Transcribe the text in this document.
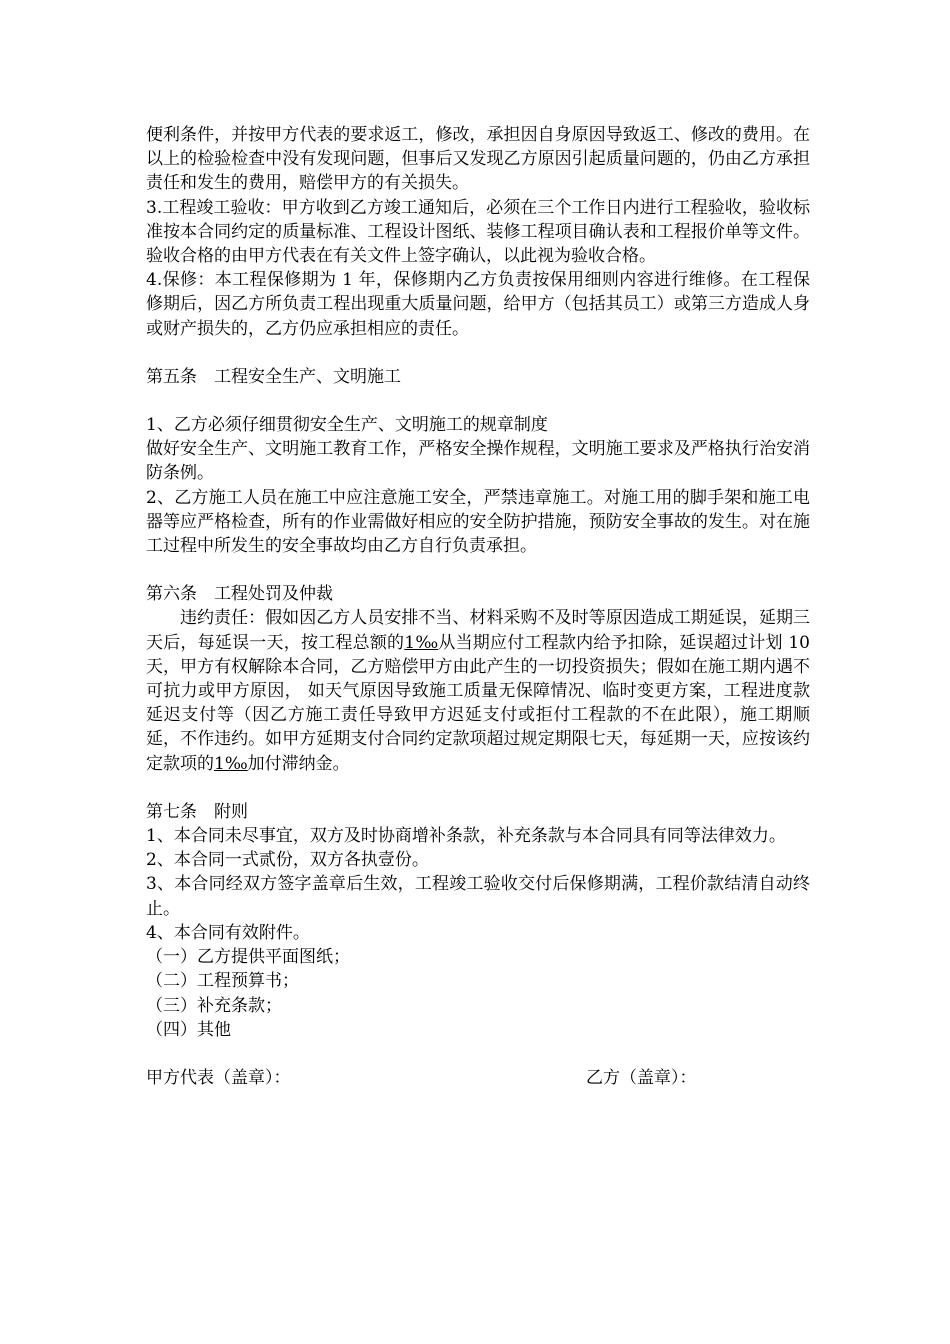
便利条件，并按甲方代表的要求返工，修改，承担因自身原因导致返工、修改的费用。在以上的检验检查中没有发现问题，但事后又发现乙方原因引起质量问题的，仍由乙方承担责任和发生的费用，赔偿甲方的有关损失。

3.工程竣工验收：甲方收到乙方竣工通知后，必须在三个工作日内进行工程验收，验收标准按本合同约定的质量标准、工程设计图纸、装修工程项目确认表和工程报价单等文件。验收合格的由甲方代表在有关文件上签字确认，以此视为验收合格。

4.保修：本工程保修期为 1 年，保修期内乙方负责按保用细则内容进行维修。在工程保修期后，因乙方所负责工程出现重大质量问题，给甲方（包括其员工）或第三方造成人身或财产损失的，乙方仍应承担相应的责任。

第五条　工程安全生产、文明施工

1、乙方必须仔细贯彻安全生产、文明施工的规章制度

做好安全生产、文明施工教育工作，严格安全操作规程，文明施工要求及严格执行治安消防条例。

2、乙方施工人员在施工中应注意施工安全，严禁违章施工。对施工用的脚手架和施工电器等应严格检查，所有的作业需做好相应的安全防护措施，预防安全事故的发生。对在施工过程中所发生的安全事故均由乙方自行负责承担。

第六条　工程处罚及仲裁

违约责任：假如因乙方人员安排不当、材料采购不及时等原因造成工期延误，延期三天后，每延误一天，按工程总额的1‰从当期应付工程款内给予扣除，延误超过计划 10 天，甲方有权解除本合同，乙方赔偿甲方由此产生的一切投资损失；假如在施工期内遇不可抗力或甲方原因， 如天气原因导致施工质量无保障情况、临时变更方案，工程进度款延迟支付等（因乙方施工责任导致甲方迟延支付或拒付工程款的不在此限），施工期顺延，不作违约。如甲方延期支付合同约定款项超过规定期限七天，每延期一天，应按该约定款项的1‰加付滞纳金。

第七条　附则

1、本合同未尽事宜，双方及时协商增补条款，补充条款与本合同具有同等法律效力。

2、本合同一式贰份，双方各执壹份。

3、本合同经双方签字盖章后生效，工程竣工验收交付后保修期满，工程价款结清自动终止。

4、本合同有效附件。

（一）乙方提供平面图纸；

（二）工程预算书；

（三）补充条款；

（四）其他

甲方代表（盖章）：	乙方（盖章）：
